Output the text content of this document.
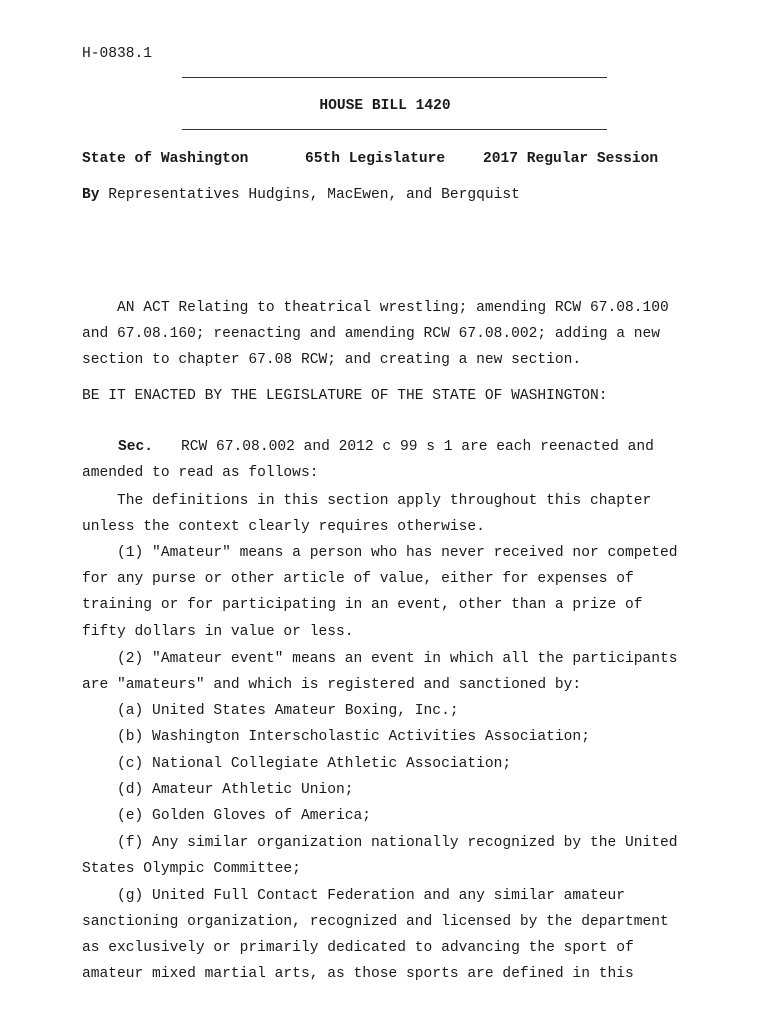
H-0838.1
HOUSE BILL 1420
State of Washington	65th Legislature	2017 Regular Session
By Representatives Hudgins, MacEwen, and Bergquist
AN ACT Relating to theatrical wrestling; amending RCW 67.08.100
and 67.08.160; reenacting and amending RCW 67.08.002; adding a new
section to chapter 67.08 RCW; and creating a new section.
BE IT ENACTED BY THE LEGISLATURE OF THE STATE OF WASHINGTON:
Sec. RCW 67.08.002 and 2012 c 99 s 1 are each reenacted and
amended to read as follows:
The definitions in this section apply throughout this chapter
unless the context clearly requires otherwise.
(1) "Amateur" means a person who has never received nor competed
for any purse or other article of value, either for expenses of
training or for participating in an event, other than a prize of
fifty dollars in value or less.
(2) "Amateur event" means an event in which all the participants
are "amateurs" and which is registered and sanctioned by:
(a) United States Amateur Boxing, Inc.;
(b) Washington Interscholastic Activities Association;
(c) National Collegiate Athletic Association;
(d) Amateur Athletic Union;
(e) Golden Gloves of America;
(f) Any similar organization nationally recognized by the United
States Olympic Committee;
(g) United Full Contact Federation and any similar amateur
sanctioning organization, recognized and licensed by the department
as exclusively or primarily dedicated to advancing the sport of
amateur mixed martial arts, as those sports are defined in this
